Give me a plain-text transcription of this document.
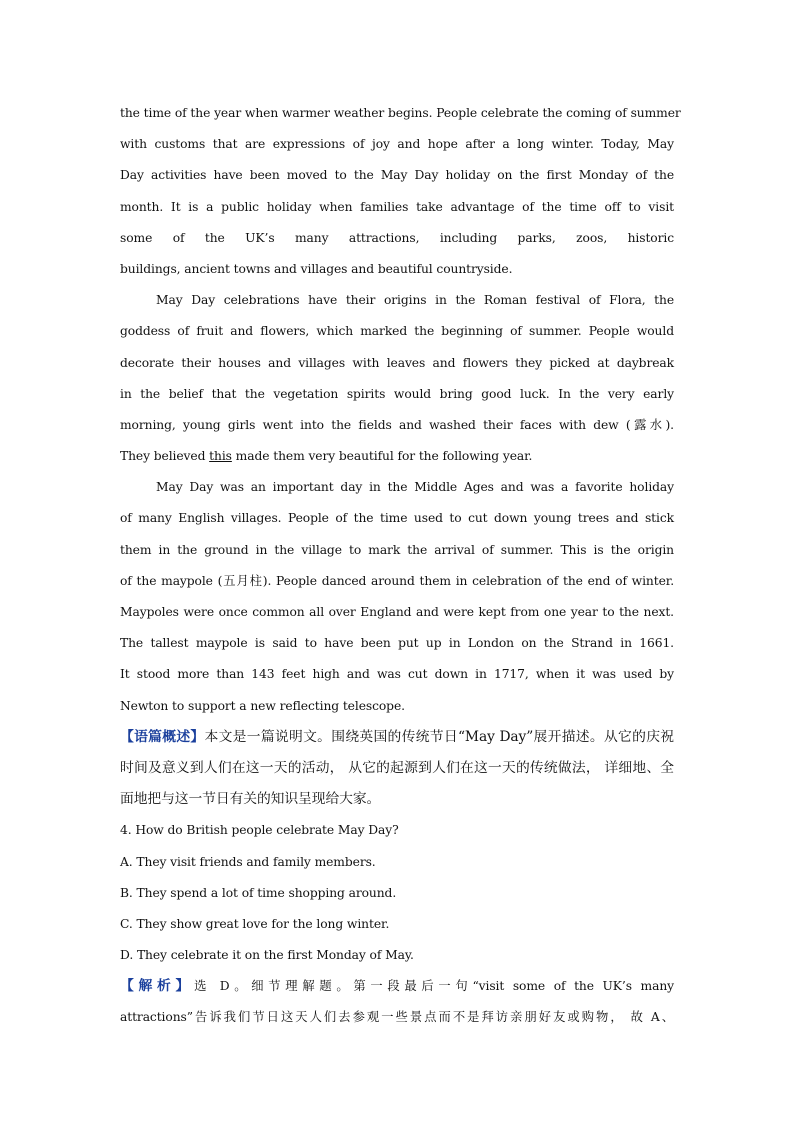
the time of the year when warmer weather begins. People celebrate the coming of summer
with customs that are expressions of joy and hope after a long winter. Today, May
Day activities have been moved to the May Day holiday on the first Monday of the
month. It is a public holiday when families take advantage of the time off to visit
some of the UK’s many attractions, including parks, zoos, historic
buildings, ancient towns and villages and beautiful countryside.
May Day celebrations have their origins in the Roman festival of Flora, the
goddess of fruit and flowers, which marked the beginning of summer. People would
decorate their houses and villages with leaves and flowers they picked at daybreak
in the belief that the vegetation spirits would bring good luck. In the very early
morning, young girls went into the fields and washed their faces with dew (露水).
They believed this made them very beautiful for the following year.
May Day was an important day in the Middle Ages and was a favorite holiday
of many English villages. People of the time used to cut down young trees and stick
them in the ground in the village to mark the arrival of summer. This is the origin
of the maypole (五月柱). People danced around them in celebration of the end of winter.
Maypoles were once common all over England and were kept from one year to the next.
The tallest maypole is said to have been put up in London on the Strand in 1661.
It stood more than 143 feet high and was cut down in 1717, when it was used by
Newton to support a new reflecting telescope.
【语篇概述】本文是一篇说明文。围绕英国的传统节日“May Day”展开描述。从它的庆祝
时间及意义到人们在这一天的活动， 从它的起源到人们在这一天的传统做法， 详细地、全
面地把与这一节日有关的知识呈现给大家。
4. How do British people celebrate May Day?
A. They visit friends and family members.
B. They spend a lot of time shopping around.
C. They show great love for the long winter.
D. They celebrate it on the first Monday of May.
【解析】选 D。细节理解题。第一段最后一句“visit some of the UK’s many
attractions”告诉我们节日这天人们去参观一些景点而不是拜访亲朋好友或购物， 故 A、
